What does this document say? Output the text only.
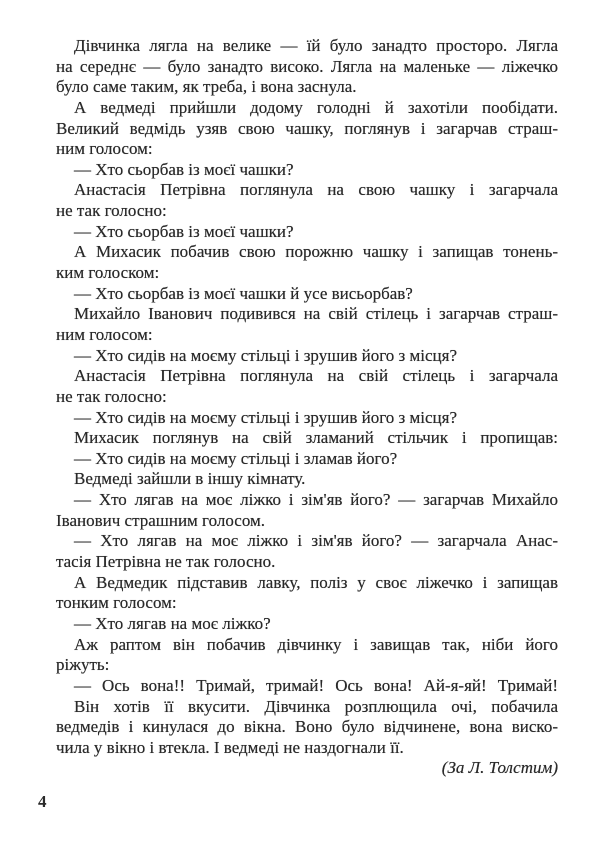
Дівчинка лягла на велике — їй було занадто просторо. Лягла
на середнє — було занадто високо. Лягла на маленьке — ліжечко
було саме таким, як треба, і вона заснула.
А ведмеді прийшли додому голодні й захотіли пообідати.
Великий ведмідь узяв свою чашку, поглянув і загарчав страш-
ним голосом:
— Хто сьорбав із моєї чашки?
Анастасія Петрівна поглянула на свою чашку і загарчала
не так голосно:
— Хто сьорбав із моєї чашки?
А Михасик побачив свою порожню чашку і запищав тонень-
ким голоском:
— Хто сьорбав із моєї чашки й усе висьорбав?
Михайло Іванович подивився на свій стілець і загарчав страш-
ним голосом:
— Хто сидів на моєму стільці і зрушив його з місця?
Анастасія Петрівна поглянула на свій стілець і загарчала
не так голосно:
— Хто сидів на моєму стільці і зрушив його з місця?
Михасик поглянув на свій зламаний стільчик і пропищав:
— Хто сидів на моєму стільці і зламав його?
Ведмеді зайшли в іншу кімнату.
— Хто лягав на моє ліжко і зім'яв його? — загарчав Михайло
Іванович страшним голосом.
— Хто лягав на моє ліжко і зім'яв його? — загарчала Анас-
тасія Петрівна не так голосно.
А Ведмедик підставив лавку, поліз у своє ліжечко і запищав
тонким голосом:
— Хто лягав на моє ліжко?
Аж раптом він побачив дівчинку і завищав так, ніби його
ріжуть:
— Ось вона!! Тримай, тримай! Ось вона! Ай-я-яй! Тримай!
Він хотів її вкусити. Дівчинка розплющила очі, побачила
ведмедів і кинулася до вікна. Воно було відчинене, вона виско-
чила у вікно і втекла. І ведмеді не наздогнали її.
(За Л. Толстим)
4
